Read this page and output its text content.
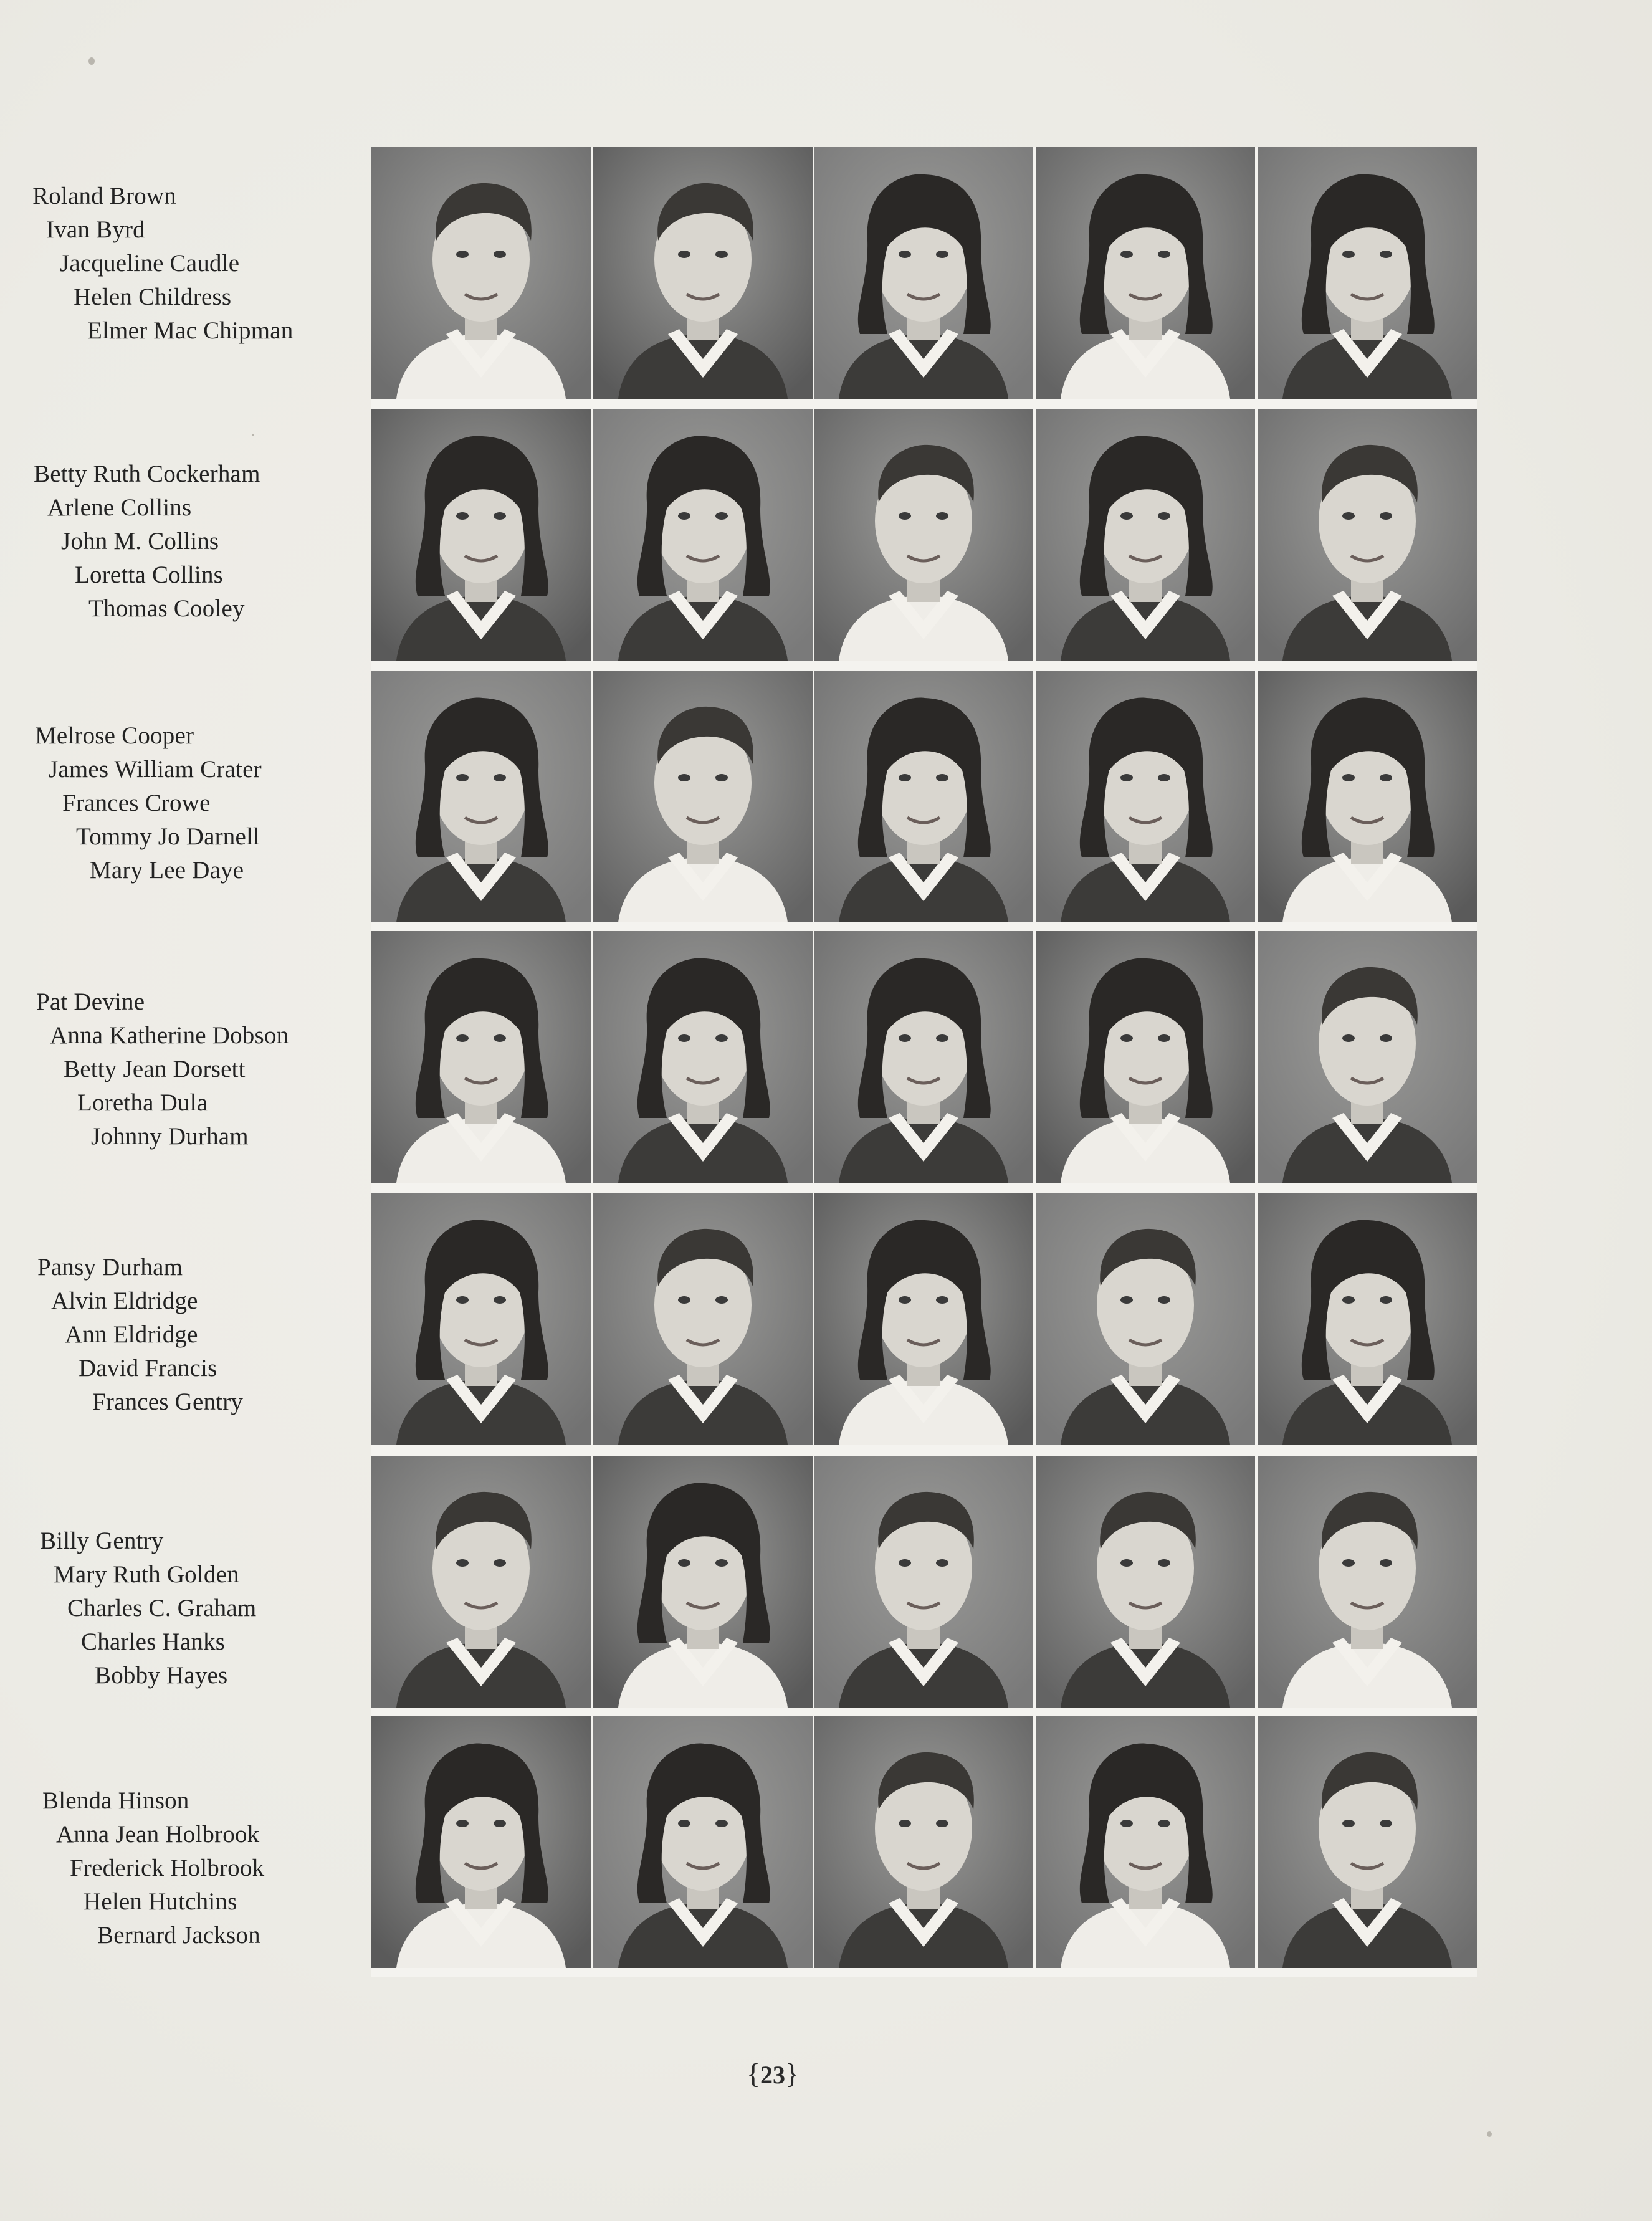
Roland Brown
Ivan Byrd
Jacqueline Caudle
Helen Childress
Elmer Mac Chipman
Betty Ruth Cockerham
Arlene Collins
John M. Collins
Loretta Collins
Thomas Cooley
Melrose Cooper
James William Crater
Frances Crowe
Tommy Jo Darnell
Mary Lee Daye
Pat Devine
Anna Katherine Dobson
Betty Jean Dorsett
Loretha Dula
Johnny Durham
Pansy Durham
Alvin Eldridge
Ann Eldridge
David Francis
Frances Gentry
Billy Gentry
Mary Ruth Golden
Charles C. Graham
Charles Hanks
Bobby Hayes
Blenda Hinson
Anna Jean Holbrook
Frederick Holbrook
Helen Hutchins
Bernard Jackson
{23}
